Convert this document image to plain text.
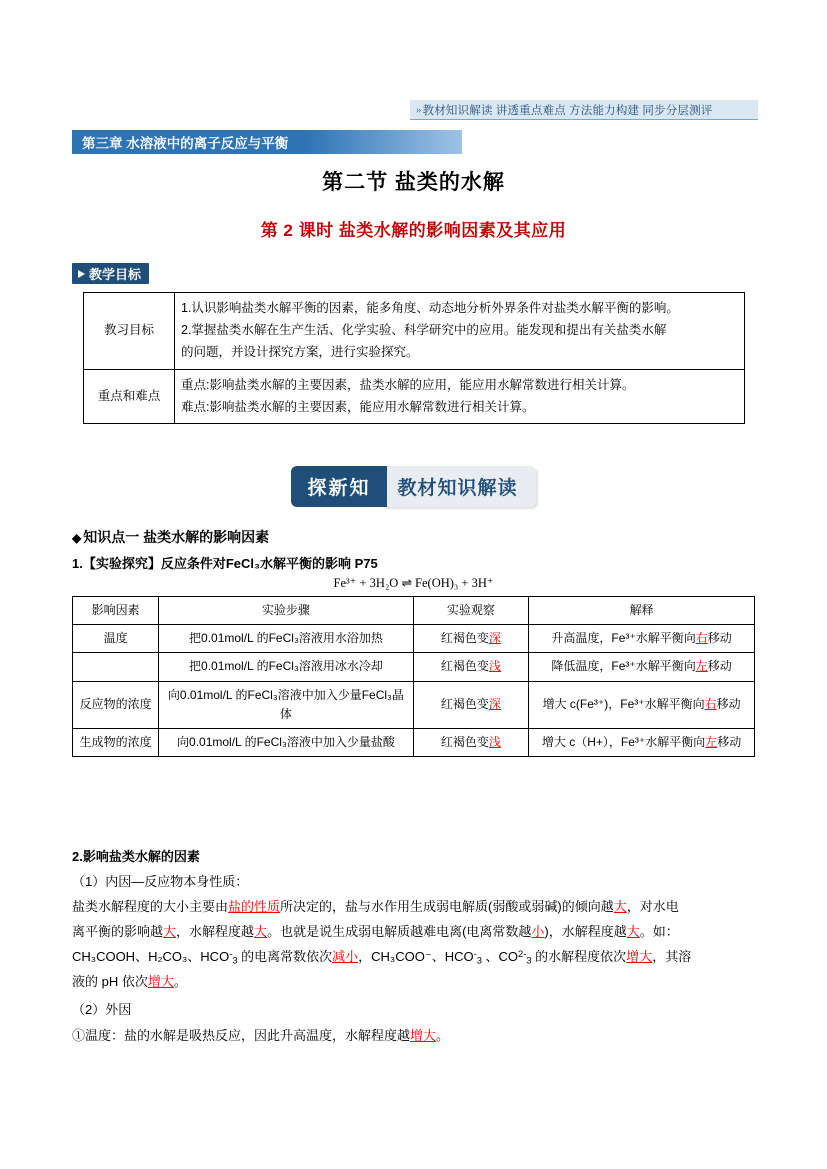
» 教材知识解读 讲透重点难点 方法能力构建 同步分层测评
第三章 水溶液中的离子反应与平衡
第二节 盐类的水解
第 2 课时 盐类水解的影响因素及其应用
教学目标
教习目标	1.认识影响盐类水解平衡的因素，能多角度、动态地分析外界条件对盐类水解平衡的影响。
2.掌握盐类水解在生产生活、化学实验、科学研究中的应用。能发现和提出有关盐类水解
的问题，并设计探究方案，进行实验探究。

重点和难点	重点:影响盐类水解的主要因素，盐类水解的应用，能应用水解常数进行相关计算。
难点:影响盐类水解的主要因素，能应用水解常数进行相关计算。
探新知	教材知识解读
◆ 知识点一 盐类水解的影响因素
1.【实验探究】反应条件对FeCl₃水解平衡的影响 P75
Fe³⁺ + 3H₂O ⇌ Fe(OH)₃ + 3H⁺
影响因素	实验步骤	实验观察	解释
温度	把0.01mol/L 的FeCl₃溶液用水浴加热	红褐色变深	升高温度，Fe³⁺水解平衡向右移动
	把0.01mol/L 的FeCl₃溶液用冰水冷却	红褐色变浅	降低温度，Fe³⁺水解平衡向左移动
反应物的浓度	向0.01mol/L 的FeCl₃溶液中加入少量FeCl₃晶体	红褐色变深	增大 c(Fe³⁺)，Fe³⁺水解平衡向右移动
生成物的浓度	向0.01mol/L 的FeCl₃溶液中加入少量盐酸	红褐色变浅	增大 c（H+），Fe³⁺水解平衡向左移动
2.影响盐类水解的因素
（1）内因—反应物本身性质：
盐类水解程度的大小主要由盐的性质所决定的，盐与水作用生成弱电解质(弱酸或弱碱)的倾向越大，对水电
离平衡的影响越大，水解程度越大。也就是说生成弱电解质越难电离(电离常数越小)，水解程度越大。如：
CH₃COOH、H₂CO₃、$HCO^-_3$ 的电离常数依次减小，CH₃COO⁻、$HCO^-_3$ 、$CO^{2-}_3$ 的水解程度依次增大，其溶
液的 pH 依次增大。
（2）外因
①温度：盐的水解是吸热反应，因此升高温度，水解程度越增大。
